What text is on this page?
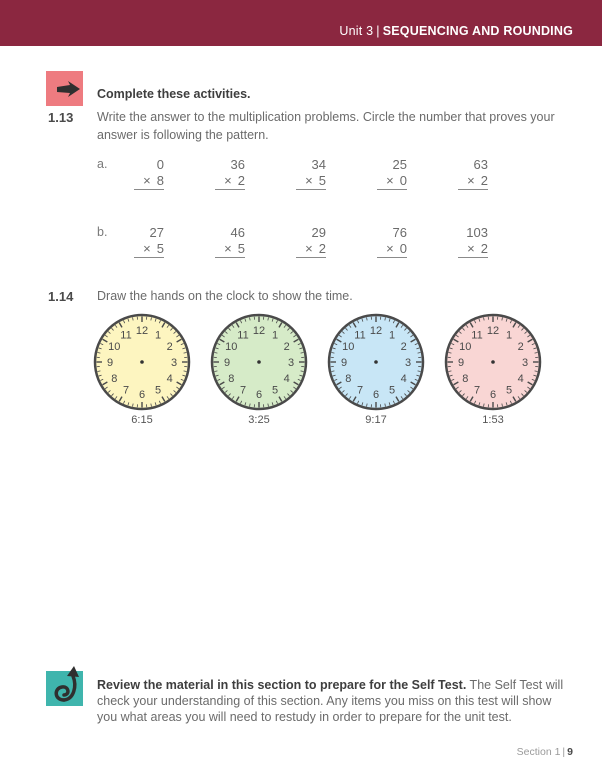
Unit 3 | SEQUENCING AND ROUNDING
Complete these activities.
1.13 Write the answer to the multiplication problems. Circle the number that proves your answer is following the pattern.
a.	0
× 8
36
× 2
34
× 5
25
× 0
63
× 2
b.	27
× 5
46
× 5
29
× 2
76
× 0
103
× 2
1.14 Draw the hands on the clock to show the time.
12 1
2
3
4
5
6
7
8
9
10
11
6:15
12 1
2
3
4
5
6
7
8
9
10
11
3:25
12 1
2
3
4
5
6
7
8
9
10
11
9:17
12 1
2
3
4
5
6
7
8
9
10
11
1:53
Review the material in this section to prepare for the Self Test. The Self Test will check your understanding of this section. Any items you miss on this test will show you what areas you will need to restudy in order to prepare for the unit test.
Section 1 | 9
